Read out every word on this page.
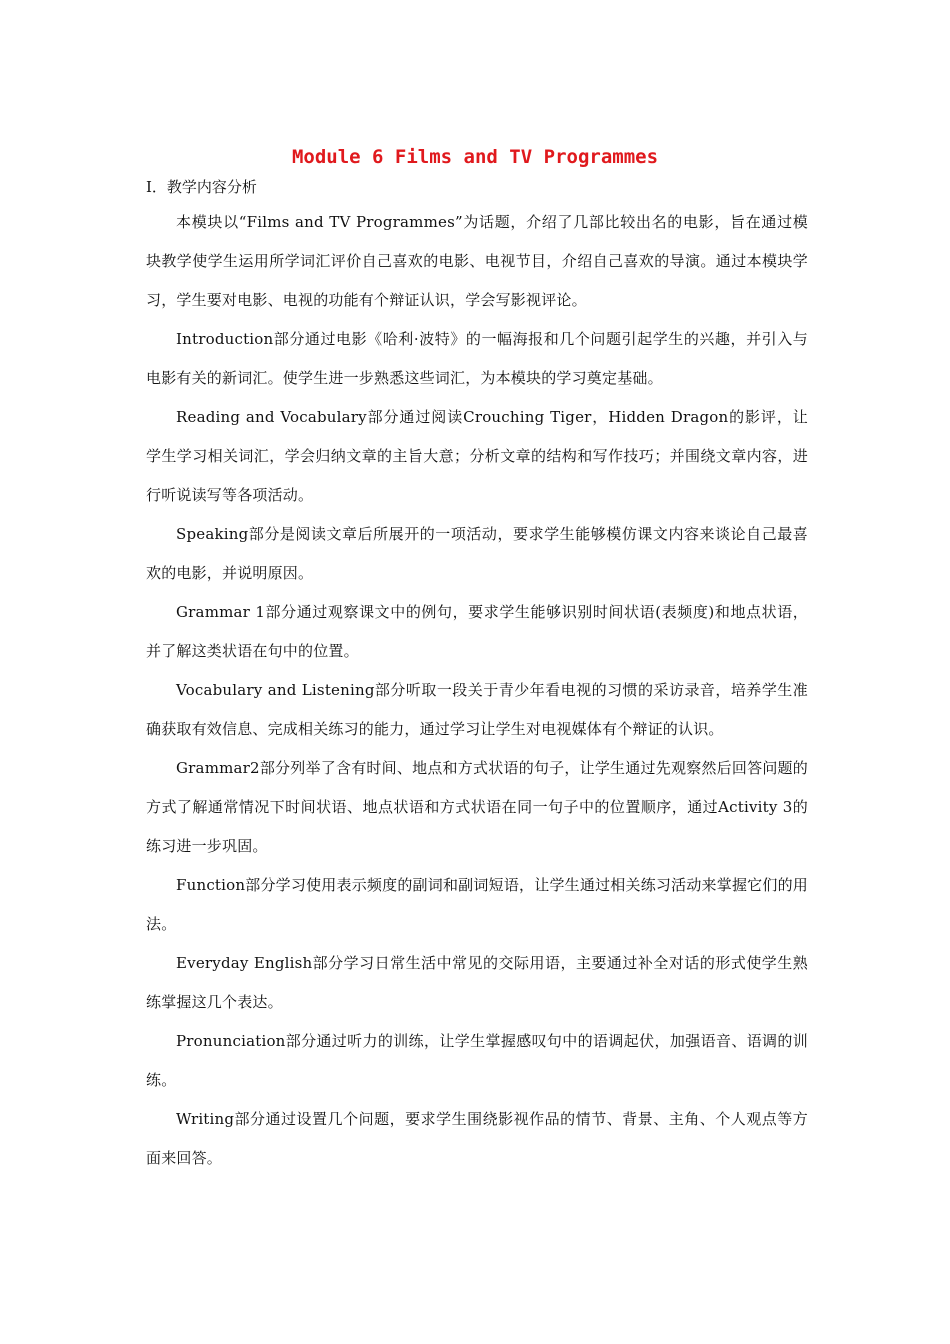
Module 6 Films and TV Programmes
I．教学内容分析

本模块以“Films and TV Programmes”为话题，介绍了几部比较出名的电影，旨在通过模块教学使学生运用所学词汇评价自己喜欢的电影、电视节目，介绍自己喜欢的导演。通过本模块学习，学生要对电影、电视的功能有个辩证认识，学会写影视评论。

Introduction部分通过电影《哈利·波特》的一幅海报和几个问题引起学生的兴趣，并引入与电影有关的新词汇。使学生进一步熟悉这些词汇，为本模块的学习奠定基础。

Reading and Vocabulary部分通过阅读Crouching Tiger，Hidden Dragon的影评，让学生学习相关词汇，学会归纳文章的主旨大意；分析文章的结构和写作技巧；并围绕文章内容，进行听说读写等各项活动。

Speaking部分是阅读文章后所展开的一项活动，要求学生能够模仿课文内容来谈论自己最喜欢的电影，并说明原因。

Grammar 1部分通过观察课文中的例句，要求学生能够识别时间状语(表频度)和地点状语，并了解这类状语在句中的位置。

Vocabulary and Listening部分听取一段关于青少年看电视的习惯的采访录音，培养学生准确获取有效信息、完成相关练习的能力，通过学习让学生对电视媒体有个辩证的认识。

Grammar2部分列举了含有时间、地点和方式状语的句子，让学生通过先观察然后回答问题的方式了解通常情况下时间状语、地点状语和方式状语在同一句子中的位置顺序，通过Activity 3的练习进一步巩固。

Function部分学习使用表示频度的副词和副词短语，让学生通过相关练习活动来掌握它们的用法。

Everyday English部分学习日常生活中常见的交际用语，主要通过补全对话的形式使学生熟练掌握这几个表达。

Pronunciation部分通过听力的训练，让学生掌握感叹句中的语调起伏，加强语音、语调的训练。

Writing部分通过设置几个问题，要求学生围绕影视作品的情节、背景、主角、个人观点等方面来回答。
